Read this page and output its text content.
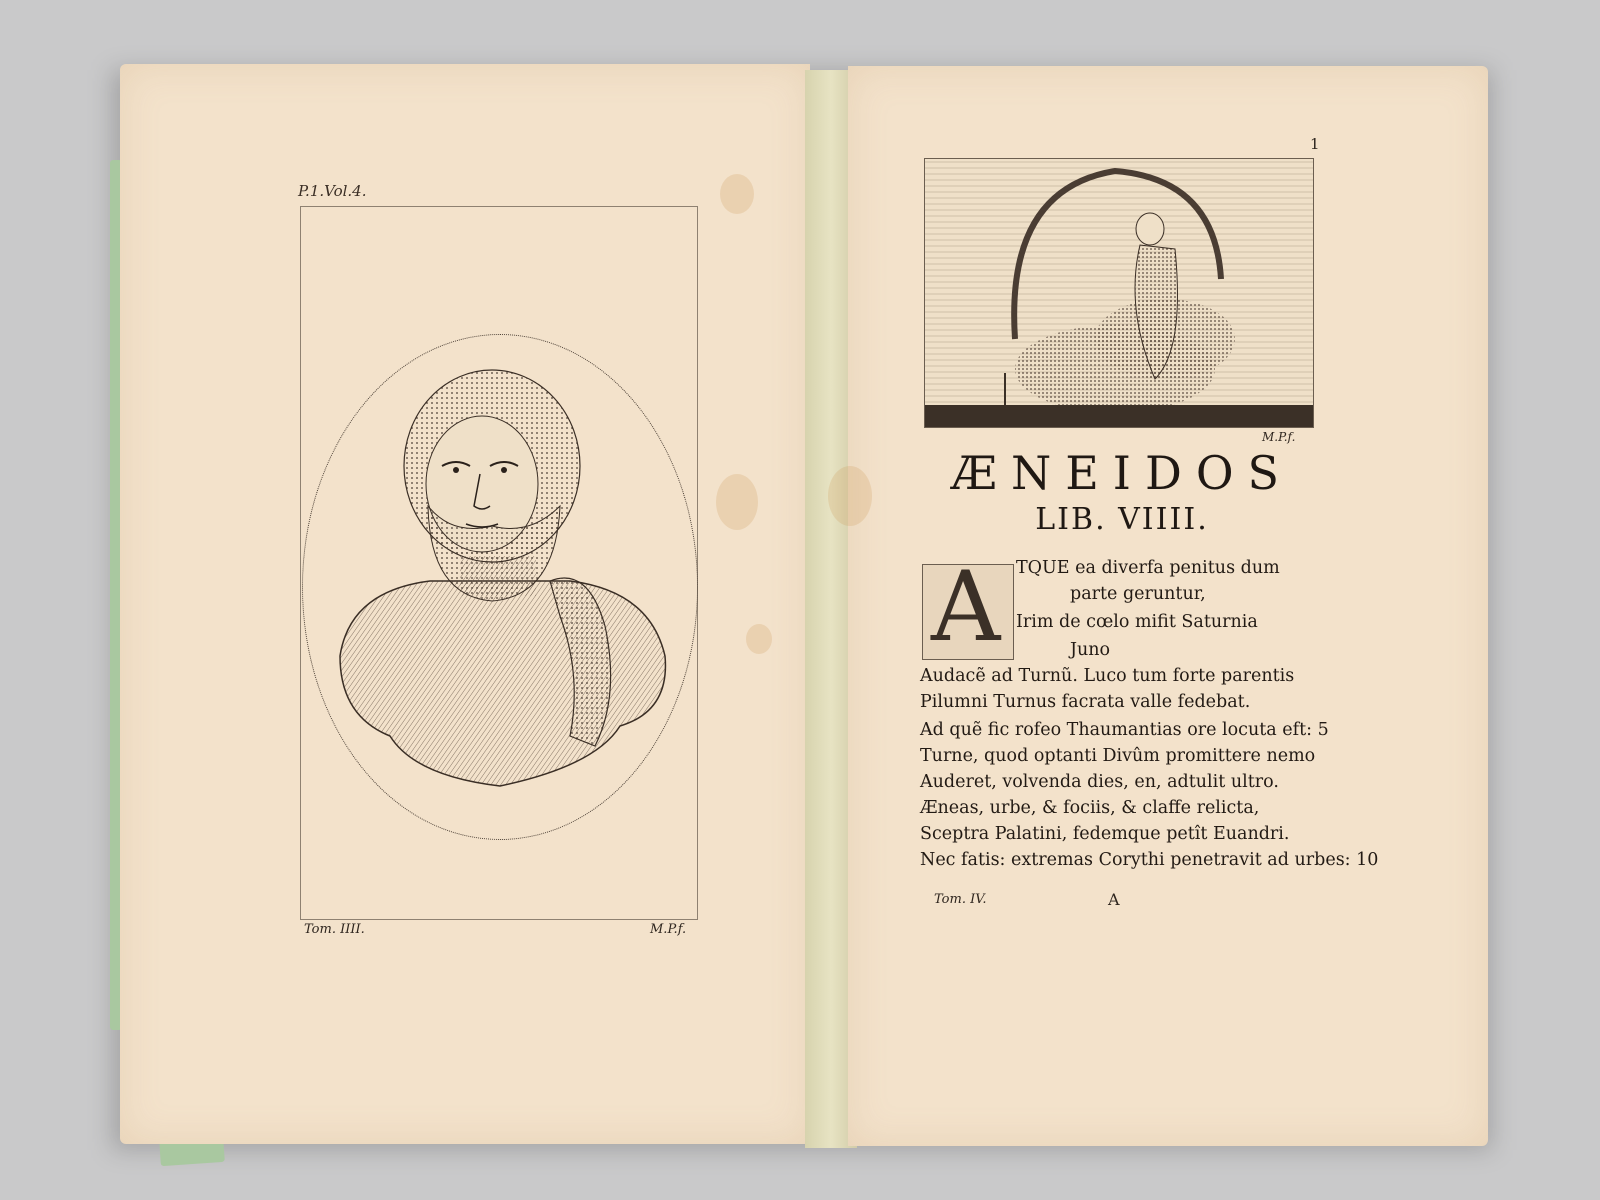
P.1.Vol.4.
Tom. IIII.	M.P.f.
1
M.P.f.
ÆNEIDOS
LIB. VIIII.
A TQUE ea diverfa penitus dum
parte geruntur,
Irim de cœlo mifit Saturnia
Juno
Audacẽ ad Turnũ. Luco tum forte parentis
Pilumni Turnus facrata valle fedebat.
Ad quẽ fic rofeo Thaumantias ore locuta eft: 5
Turne, quod optanti Divûm promittere nemo
Auderet, volvenda dies, en, adtulit ultro.
Æneas, urbe, & fociis, & claffe relicta,
Sceptra Palatini, fedemque petît Euandri.
Nec fatis: extremas Corythi penetravit ad urbes: 10
Tom. IV.	A
